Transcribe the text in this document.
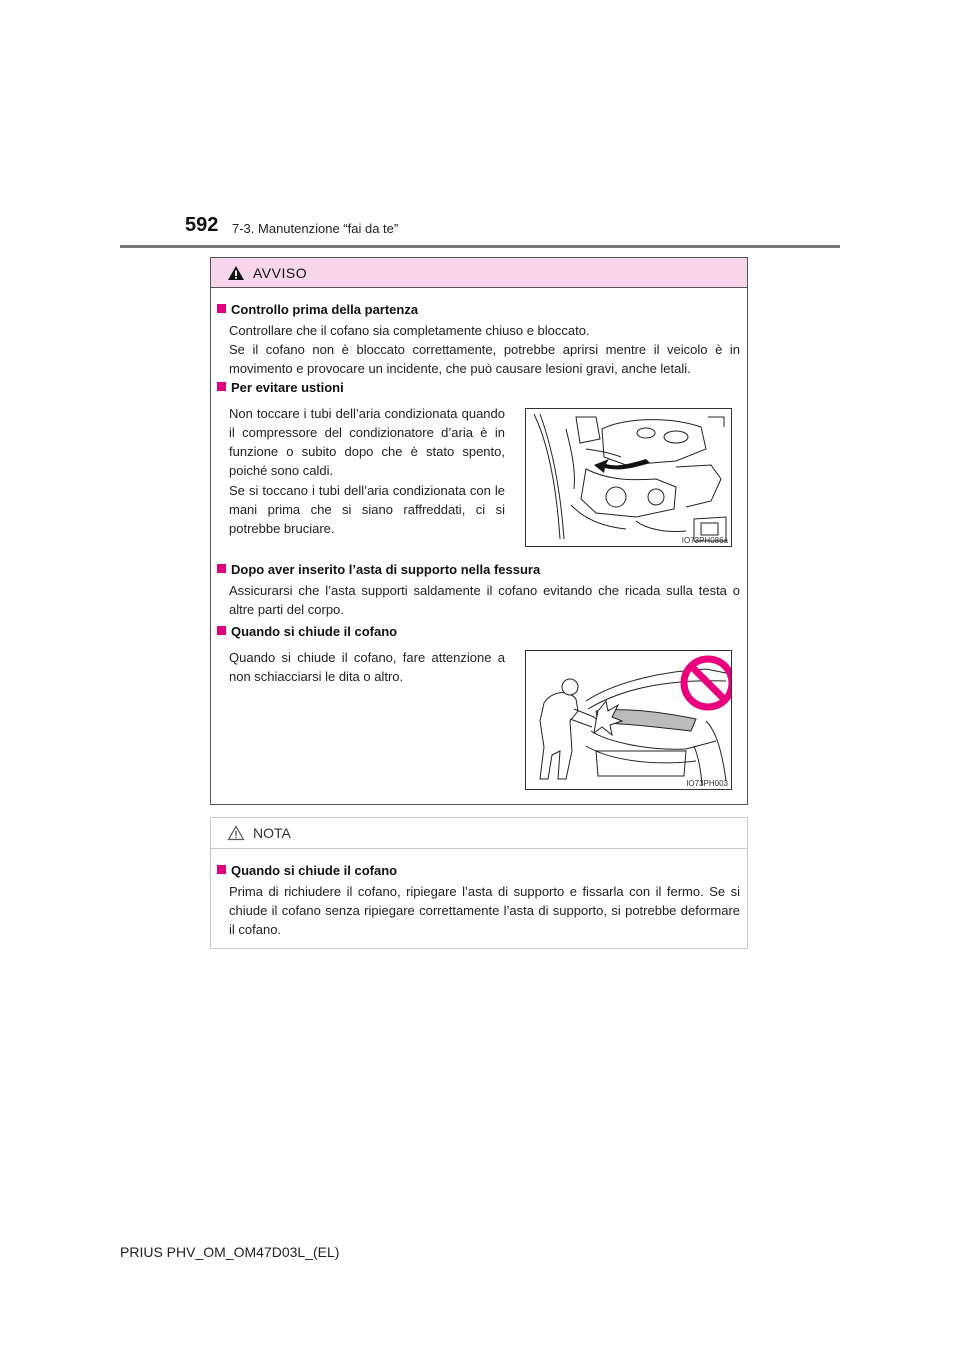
592 7-3. Manutenzione “fai da te”
AVVISO
Controllo prima della partenza
Controllare che il cofano sia completamente chiuso e bloccato.
Se il cofano non è bloccato correttamente, potrebbe aprirsi mentre il veicolo è in movimento e provocare un incidente, che può causare lesioni gravi, anche letali.
Per evitare ustioni
Non toccare i tubi dell’aria condizionata quando il compressore del condizionatore d’aria è in funzione o subito dopo che è stato spento, poiché sono caldi.
Se si toccano i tubi dell’aria condizionata con le mani prima che si siano raffreddati, ci si potrebbe bruciare.
IO73PH086a
Dopo aver inserito l’asta di supporto nella fessura
Assicurarsi che l’asta supporti saldamente il cofano evitando che ricada sulla testa o altre parti del corpo.
Quando si chiude il cofano
Quando si chiude il cofano, fare attenzione a non schiacciarsi le dita o altro.
IO73PH003
NOTA
Quando si chiude il cofano
Prima di richiudere il cofano, ripiegare l’asta di supporto e fissarla con il fermo. Se si chiude il cofano senza ripiegare correttamente l’asta di supporto, si potrebbe deformare il cofano.
PRIUS PHV_OM_OM47D03L_(EL)
